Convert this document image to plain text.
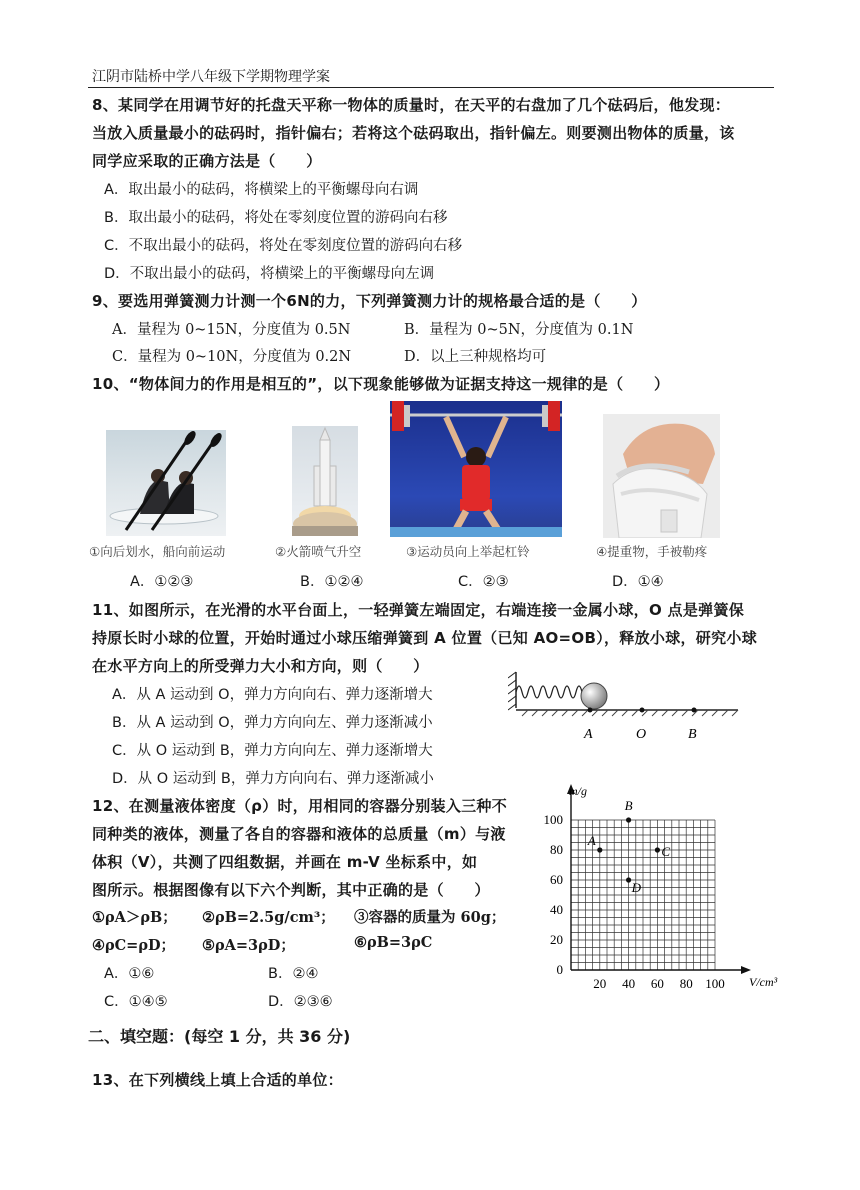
江阴市陆桥中学八年级下学期物理学案
8、某同学在用调节好的托盘天平称一物体的质量时，在天平的右盘加了几个砝码后，他发现：
当放入质量最小的砝码时，指针偏右；若将这个砝码取出，指针偏左。则要测出物体的质量，该
同学应采取的正确方法是（　　）
A．取出最小的砝码，将横梁上的平衡螺母向右调
B．取出最小的砝码，将处在零刻度位置的游码向右移
C．不取出最小的砝码，将处在零刻度位置的游码向右移
D．不取出最小的砝码，将横梁上的平衡螺母向左调
9、要选用弹簧测力计测一个6N的力，下列弹簧测力计的规格最合适的是（　　）
A．量程为 0~15N，分度值为 0.5N	B．量程为 0~5N，分度值为 0.1N
C．量程为 0~10N，分度值为 0.2N	D．以上三种规格均可
10、“物体间力的作用是相互的”，以下现象能够做为证据支持这一规律的是（　　）
①向后划水，船向前运动	②火箭喷气升空	③运动员向上举起杠铃	④提重物，手被勒疼
A．①②③	B．①②④	C．②③	D．①④
11、如图所示，在光滑的水平台面上，一轻弹簧左端固定，右端连接一金属小球，O 点是弹簧保
持原长时小球的位置，开始时通过小球压缩弹簧到 A 位置（已知 AO=OB），释放小球，研究小球
在水平方向上的所受弹力大小和方向，则（　　）
A．从 A 运动到 O，弹力方向向右、弹力逐渐增大
B．从 A 运动到 O，弹力方向向左、弹力逐渐减小
C．从 O 运动到 B，弹力方向向左、弹力逐渐增大
D．从 O 运动到 B，弹力方向向右、弹力逐渐减小
A	O	B
12、在测量液体密度（ρ）时，用相同的容器分别装入三种不
同种类的液体，测量了各自的容器和液体的总质量（m）与液
体积（V），共测了四组数据，并画在 m-V 坐标系中，如
图所示。根据图像有以下六个判断，其中正确的是（　　）
①ρA＞ρB； ②ρB=2.5g/cm³； ③容器的质量为 60g；
④ρC=ρD； ⑤ρA=3ρD；	⑥ρB=3ρC
A．①⑥	B．②④
C．①④⑤	D．②③⑥
m/g
V/cm³
20 40 60 80 100
0
20
40
60
80
100
A
B
C
D
二、填空题：(每空 1 分，共 36 分)
13、在下列横线上填上合适的单位：
